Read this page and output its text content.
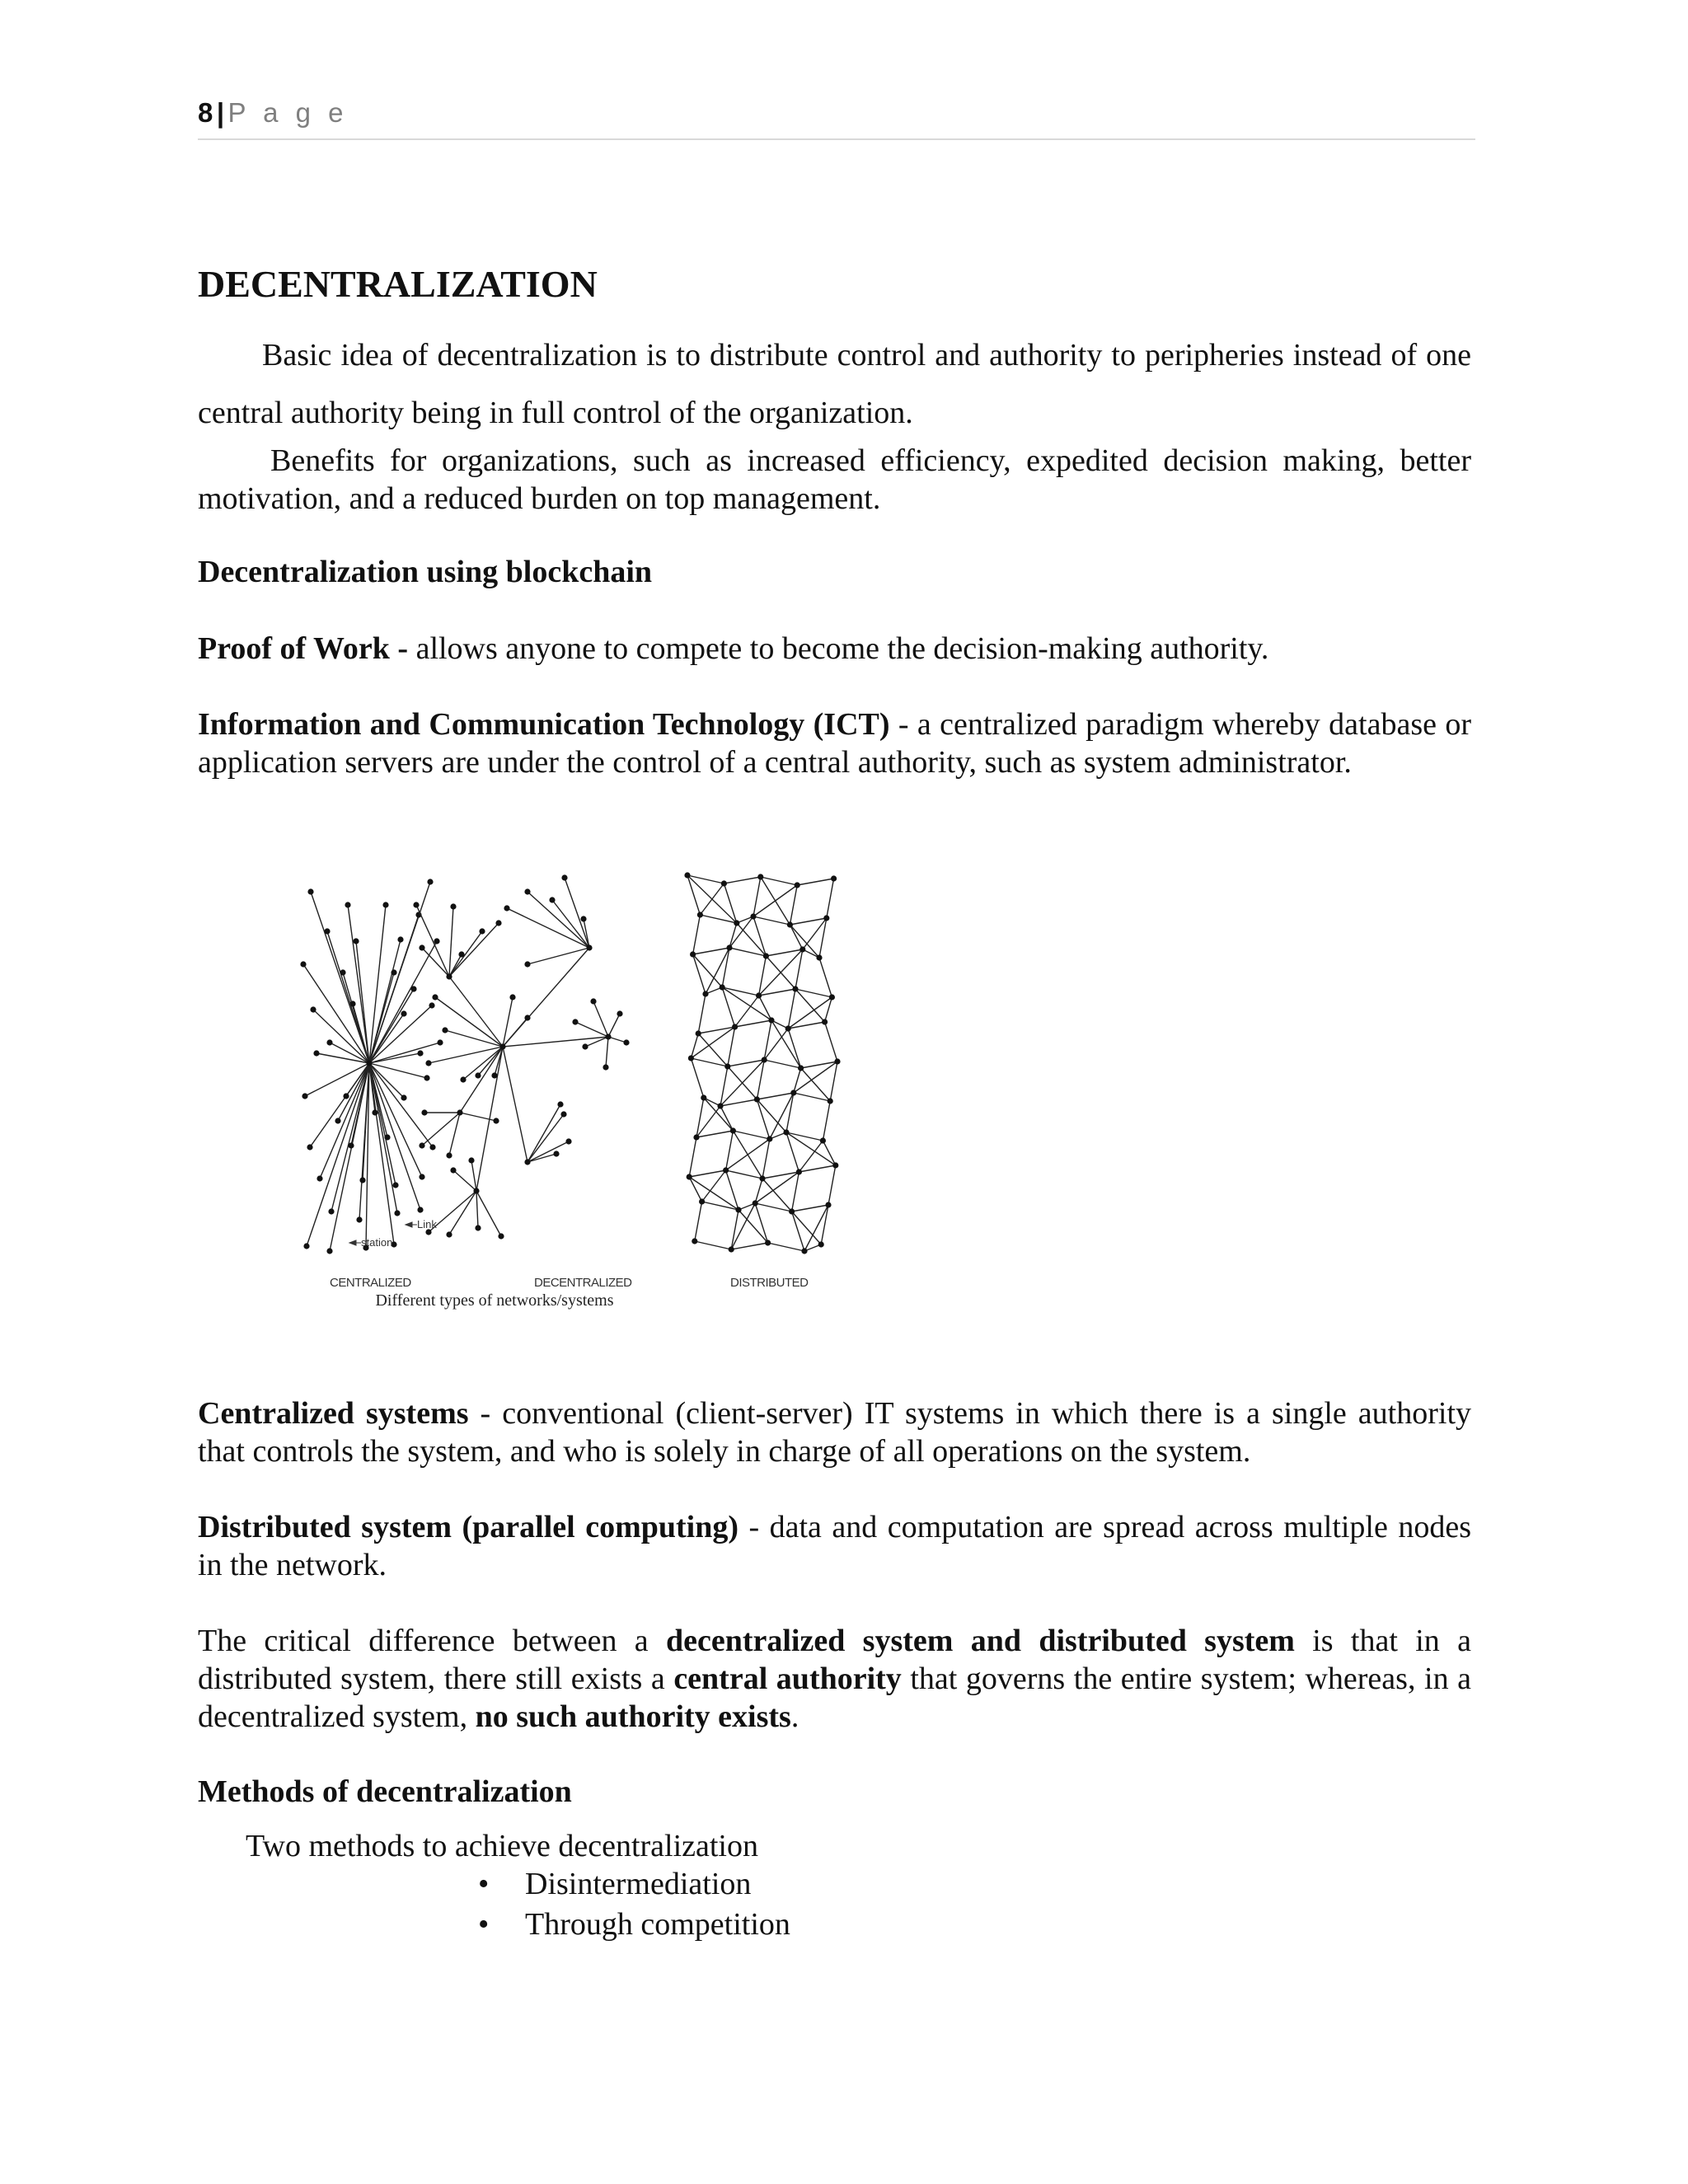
8 | P a g e
DECENTRALIZATION

Basic idea of decentralization is to distribute control and authority to peripheries instead of one central authority being in full control of the organization.

Benefits for organizations, such as increased efficiency, expedited decision making, better motivation, and a reduced burden on top management.

Decentralization using blockchain

Proof of Work - allows anyone to compete to become the decision-making authority.

Information and Communication Technology (ICT) - a centralized paradigm whereby database or application servers are under the control of a central authority, such as system administrator.

Link
station
CENTRALIZED	DECENTRALIZED	DISTRIBUTED
Different types of networks/systems

Centralized systems - conventional (client-server) IT systems in which there is a single authority that controls the system, and who is solely in charge of all operations on the system.

Distributed system (parallel computing) - data and computation are spread across multiple nodes in the network.

The critical difference between a decentralized system and distributed system is that in a distributed system, there still exists a central authority that governs the entire system; whereas, in a decentralized system, no such authority exists.

Methods of decentralization

Two methods to achieve decentralization

• Disintermediation
• Through competition
